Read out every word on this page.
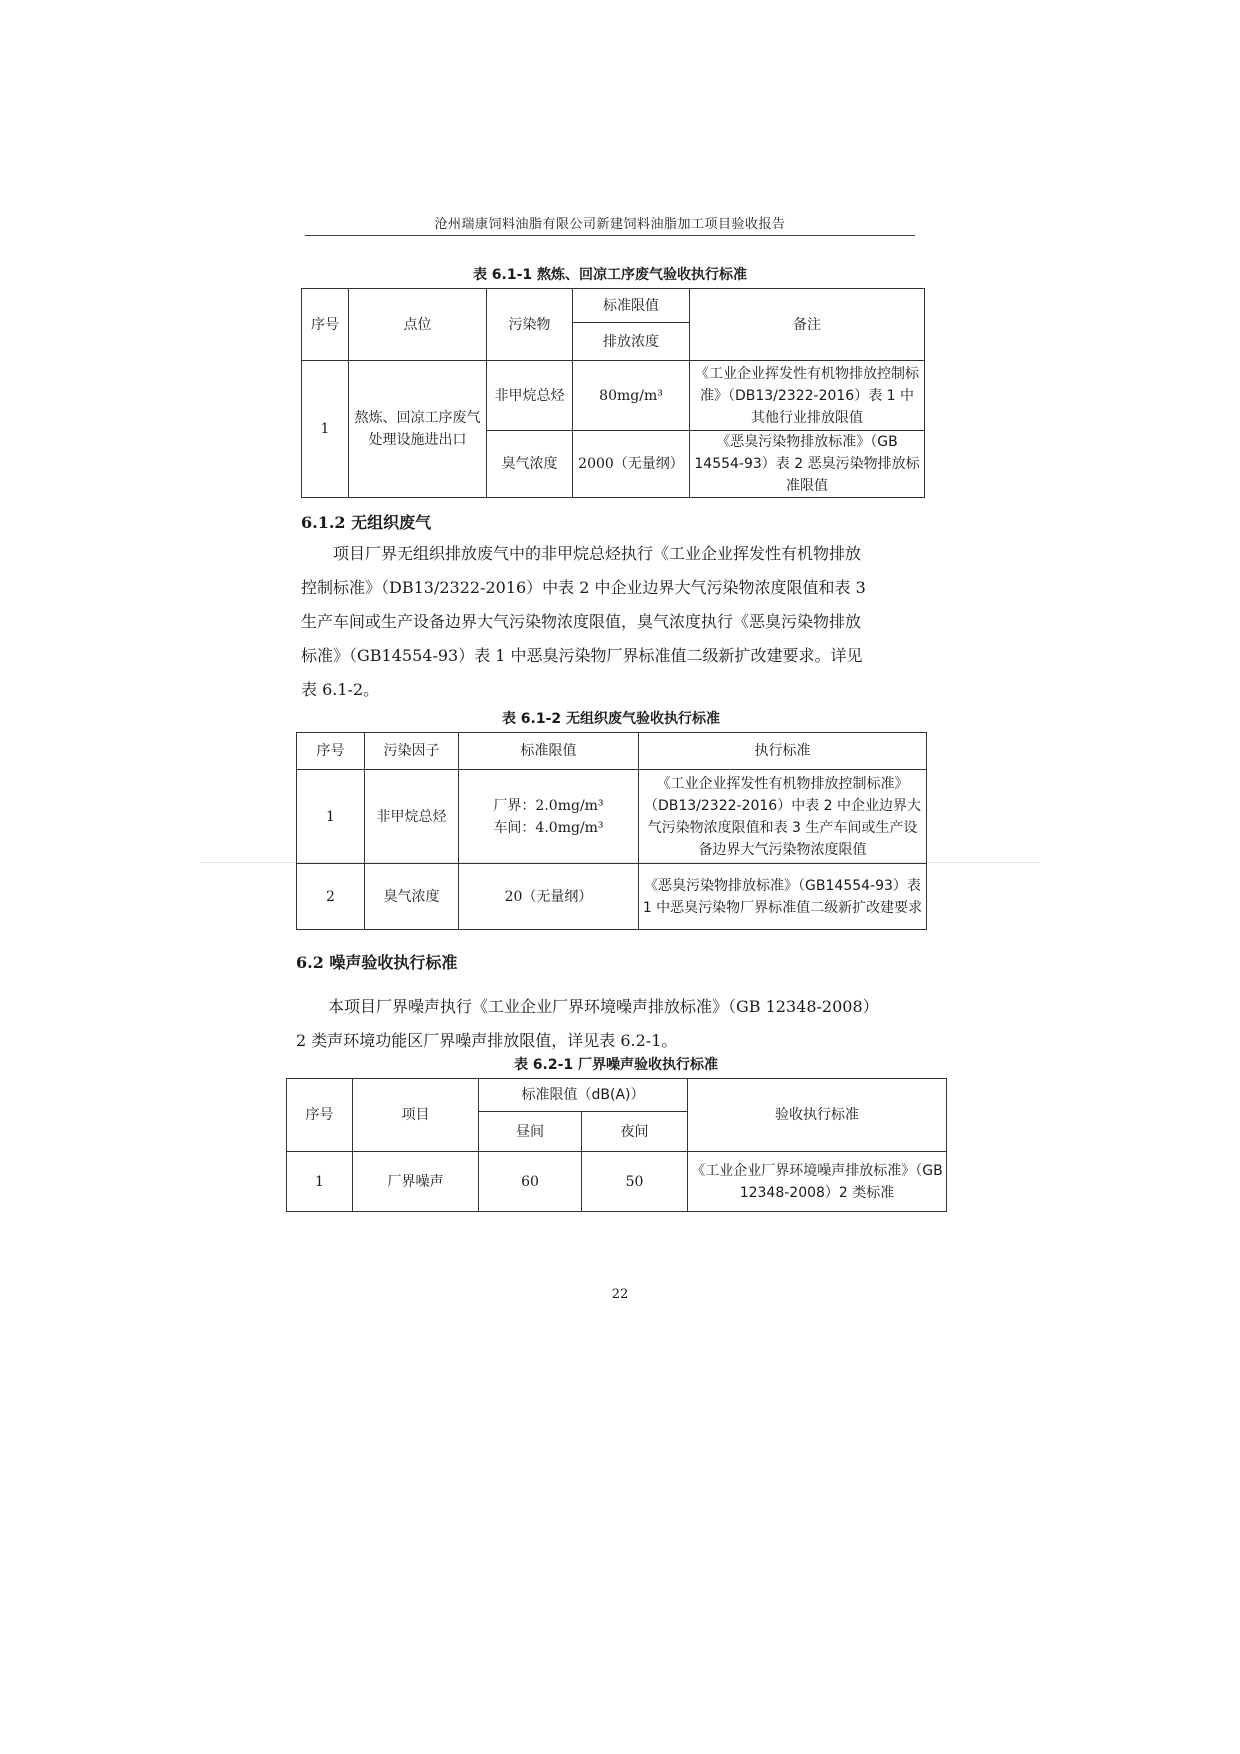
沧州瑞康饲料油脂有限公司新建饲料油脂加工项目验收报告
表 6.1-1 熬炼、回凉工序废气验收执行标准
序号	点位	污染物	标准限值	备注
			排放浓度	
1	熬炼、回凉工序废气处理设施进出口	非甲烷总烃	80mg/m³	《工业企业挥发性有机物排放控制标准》（DB13/2322-2016）表 1 中其他行业排放限值
		臭气浓度	2000（无量纲）	《恶臭污染物排放标准》（GB 14554-93）表 2 恶臭污染物排放标准限值
6.1.2 无组织废气
项目厂界无组织排放废气中的非甲烷总烃执行《工业企业挥发性有机物排放
控制标准》（DB13/2322-2016）中表 2 中企业边界大气污染物浓度限值和表 3
生产车间或生产设备边界大气污染物浓度限值，臭气浓度执行《恶臭污染物排放
标准》（GB14554-93）表 1 中恶臭污染物厂界标准值二级新扩改建要求。详见
表 6.1-2。
表 6.1-2 无组织废气验收执行标准
序号	污染因子	标准限值	执行标准
1	非甲烷总烃	厂界：2.0mg/m³
车间：4.0mg/m³	《工业企业挥发性有机物排放控制标准》（DB13/2322-2016）中表 2 中企业边界大气污染物浓度限值和表 3 生产车间或生产设备边界大气污染物浓度限值
2	臭气浓度	20（无量纲）	《恶臭污染物排放标准》（GB14554-93）表 1 中恶臭污染物厂界标准值二级新扩改建要求
6.2 噪声验收执行标准
本项目厂界噪声执行《工业企业厂界环境噪声排放标准》（GB 12348-2008）
2 类声环境功能区厂界噪声排放限值，详见表 6.2-1。
表 6.2-1 厂界噪声验收执行标准
序号	项目	标准限值（dB(A)）		验收执行标准
		昼间	夜间	
1	厂界噪声	60	50	《工业企业厂界环境噪声排放标准》（GB 12348-2008）2 类标准
22
